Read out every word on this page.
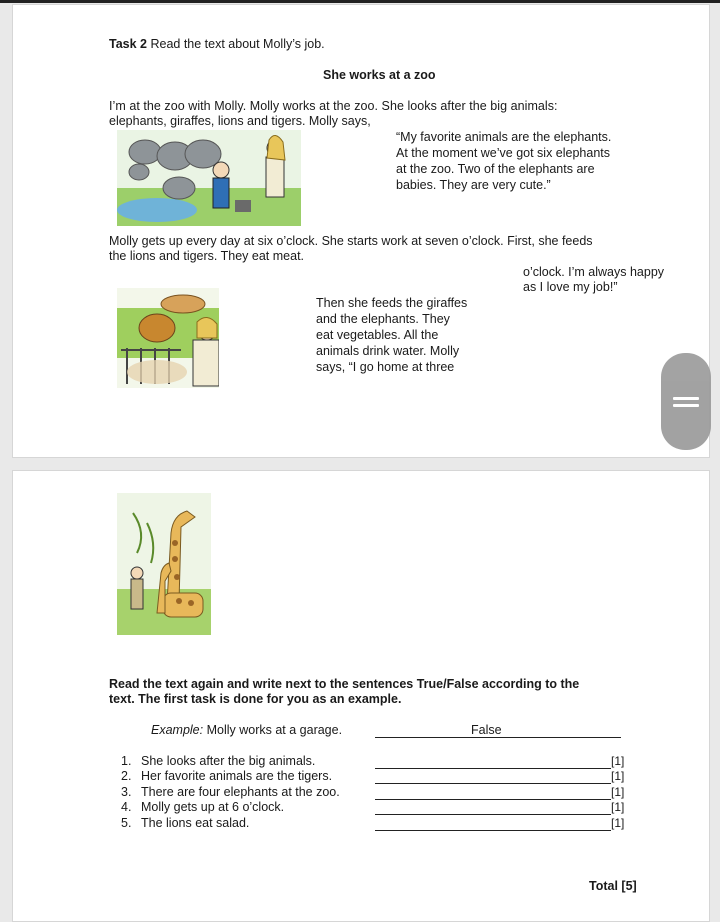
Task 2 Read the text about Molly’s job.
She works at a zoo
I’m at the zoo with Molly. Molly works at the zoo. She looks after the big animals:
elephants, giraffes, lions and tigers. Molly says,
“My favorite animals are the elephants.
At the moment we’ve got six elephants
at the zoo. Two of the elephants are
babies. They are very cute.”
Molly gets up every day at six o’clock. She starts work at seven o’clock. First, she feeds
the lions and tigers. They eat meat.
o’clock. I’m always happy
as I love my job!”
Then she feeds the giraffes
and the elephants. They
eat vegetables. All the
animals drink water. Molly
says, “I go home at three
Read the text again and write next to the sentences True/False according to the
text. The first task is done for you as an example.
Example: Molly works at a garage.	False
1. She looks after the big animals.	[1]
2. Her favorite animals are the tigers.	[1]
3. There are four elephants at the zoo.	[1]
4. Molly gets up at 6 o’clock.	[1]
5. The lions eat salad.	[1]
Total [5]
